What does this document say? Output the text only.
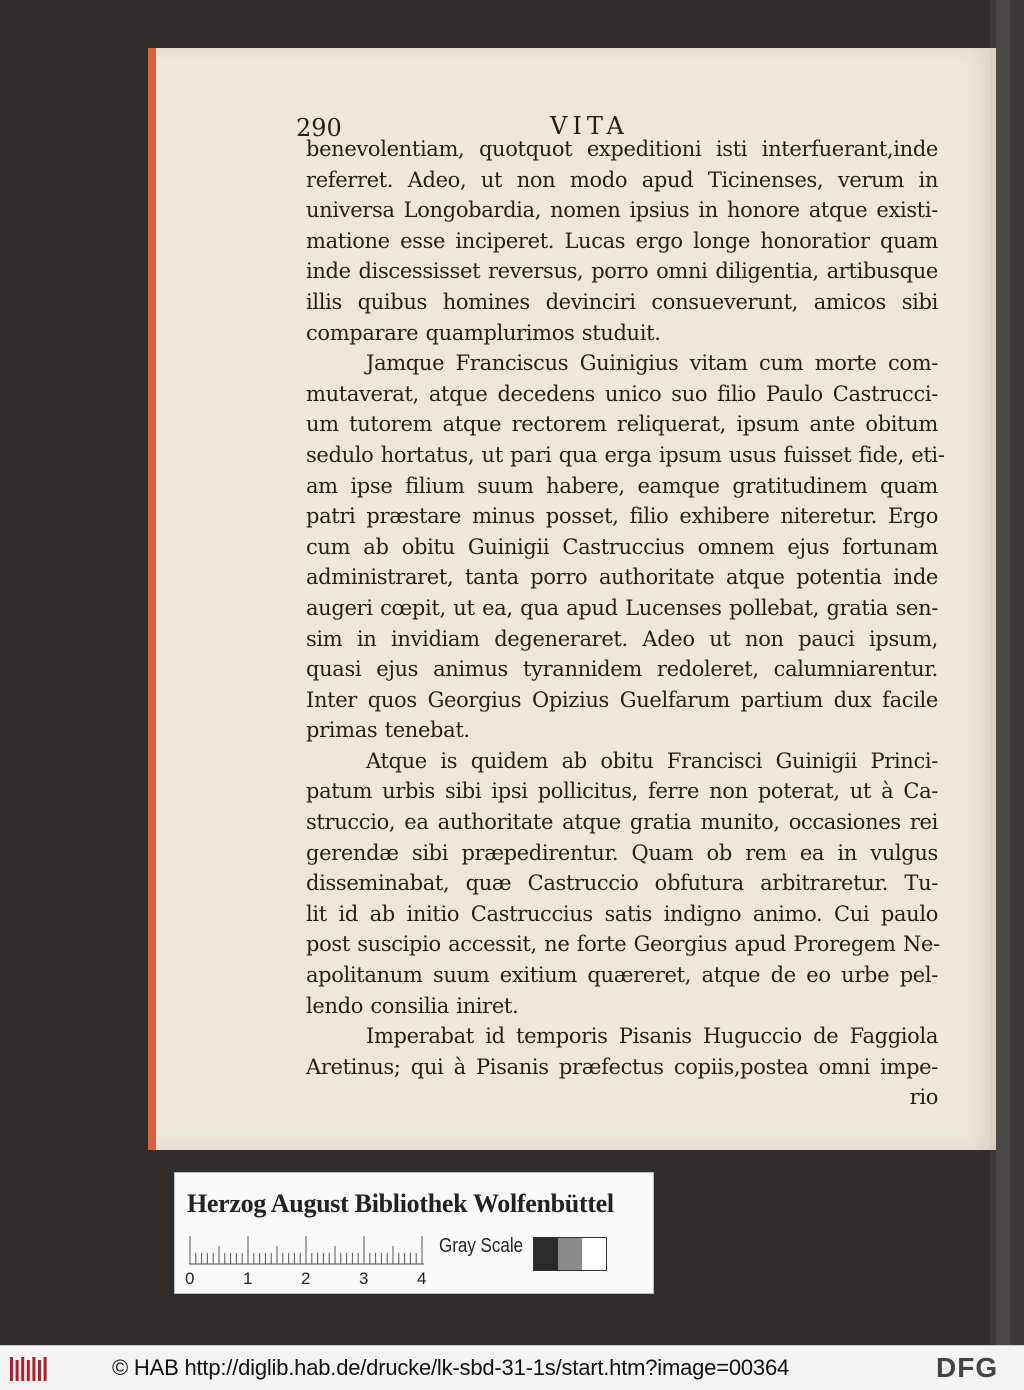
290	VITA
benevolentiam, quotquot expeditioni isti interfuerant,inde
referret. Adeo, ut non modo apud Ticinenses, verum in
universa Longobardia, nomen ipsius in honore atque existi-
matione esse inciperet. Lucas ergo longe honoratior quam
inde discessisset reversus, porro omni diligentia, artibusque
illis quibus homines devinciri consueverunt, amicos sibi
comparare quamplurimos studuit.
Jamque Franciscus Guinigius vitam cum morte com-
mutaverat, atque decedens unico suo filio Paulo Castrucci-
um tutorem atque rectorem reliquerat, ipsum ante obitum
sedulo hortatus, ut pari qua erga ipsum usus fuisset fide, eti-
am ipse filium suum habere, eamque gratitudinem quam
patri præstare minus posset, filio exhibere niteretur. Ergo
cum ab obitu Guinigii Castruccius omnem ejus fortunam
administraret, tanta porro authoritate atque potentia inde
augeri cœpit, ut ea, qua apud Lucenses pollebat, gratia sen-
sim in invidiam degeneraret. Adeo ut non pauci ipsum,
quasi ejus animus tyrannidem redoleret, calumniarentur.
Inter quos Georgius Opizius Guelfarum partium dux facile
primas tenebat.
Atque is quidem ab obitu Francisci Guinigii Princi-
patum urbis sibi ipsi pollicitus, ferre non poterat, ut à Ca-
struccio, ea authoritate atque gratia munito, occasiones rei
gerendæ sibi præpedirentur. Quam ob rem ea in vulgus
disseminabat, quæ Castruccio obfutura arbitraretur. Tu-
lit id ab initio Castruccius satis indigno animo. Cui paulo
post suscipio accessit, ne forte Georgius apud Proregem Ne-
apolitanum suum exitium quæreret, atque de eo urbe pel-
lendo consilia iniret.
Imperabat id temporis Pisanis Huguccio de Faggiola
Aretinus; qui à Pisanis præfectus copiis,postea omni impe-
rio
Herzog August Bibliothek Wolfenbüttel
0	1	2	3	4
Gray Scale
© HAB http://diglib.hab.de/drucke/lk-sbd-31-1s/start.htm?image=00364	DFG
